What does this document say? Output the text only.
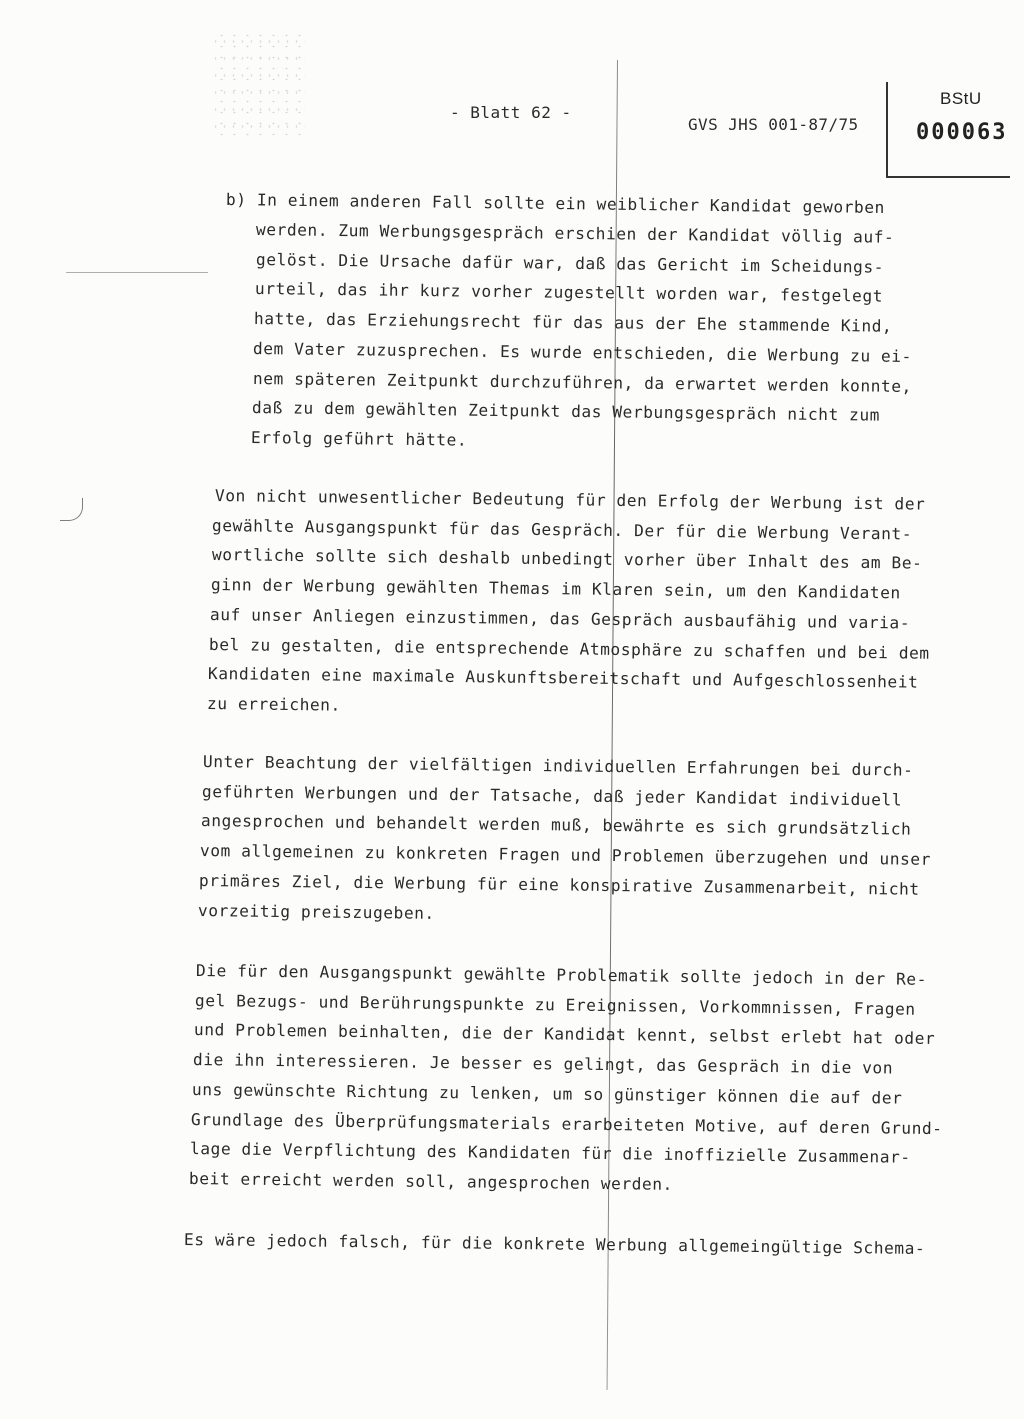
- Blatt 62 -
GVS JHS 001-87/75
BStU
000063
b) In einem anderen Fall sollte ein weiblicher Kandidat geworben
werden. Zum Werbungsgespräch erschien der Kandidat völlig auf-
gelöst. Die Ursache dafür war, daß das Gericht im Scheidungs-
urteil, das ihr kurz vorher zugestellt worden war, festgelegt
hatte, das Erziehungsrecht für das aus der Ehe stammende Kind,
dem Vater zuzusprechen. Es wurde entschieden, die Werbung zu ei-
nem späteren Zeitpunkt durchzuführen, da erwartet werden konnte,
daß zu dem gewählten Zeitpunkt das Werbungsgespräch nicht zum
Erfolg geführt hätte.
Von nicht unwesentlicher Bedeutung für den Erfolg der Werbung ist der
gewählte Ausgangspunkt für das Gespräch. Der für die Werbung Verant-
wortliche sollte sich deshalb unbedingt vorher über Inhalt des am Be-
ginn der Werbung gewählten Themas im Klaren sein, um den Kandidaten
auf unser Anliegen einzustimmen, das Gespräch ausbaufähig und varia-
bel zu gestalten, die entsprechende Atmosphäre zu schaffen und bei dem
Kandidaten eine maximale Auskunftsbereitschaft und Aufgeschlossenheit
zu erreichen.
Unter Beachtung der vielfältigen individuellen Erfahrungen bei durch-
geführten Werbungen und der Tatsache, daß jeder Kandidat individuell
angesprochen und behandelt werden muß, bewährte es sich grundsätzlich
vom allgemeinen zu konkreten Fragen und Problemen überzugehen und unser
primäres Ziel, die Werbung für eine konspirative Zusammenarbeit, nicht
vorzeitig preiszugeben.
Die für den Ausgangspunkt gewählte Problematik sollte jedoch in der Re-
gel Bezugs- und Berührungspunkte zu Ereignissen, Vorkommnissen, Fragen
und Problemen beinhalten, die der Kandidat kennt, selbst erlebt hat oder
die ihn interessieren. Je besser es gelingt, das Gespräch in die von
uns gewünschte Richtung zu lenken, um so günstiger können die auf der
Grundlage des Überprüfungsmaterials erarbeiteten Motive, auf deren Grund-
lage die Verpflichtung des Kandidaten für die inoffizielle Zusammenar-
beit erreicht werden soll, angesprochen werden.
Es wäre jedoch falsch, für die konkrete Werbung allgemeingültige Schema-
